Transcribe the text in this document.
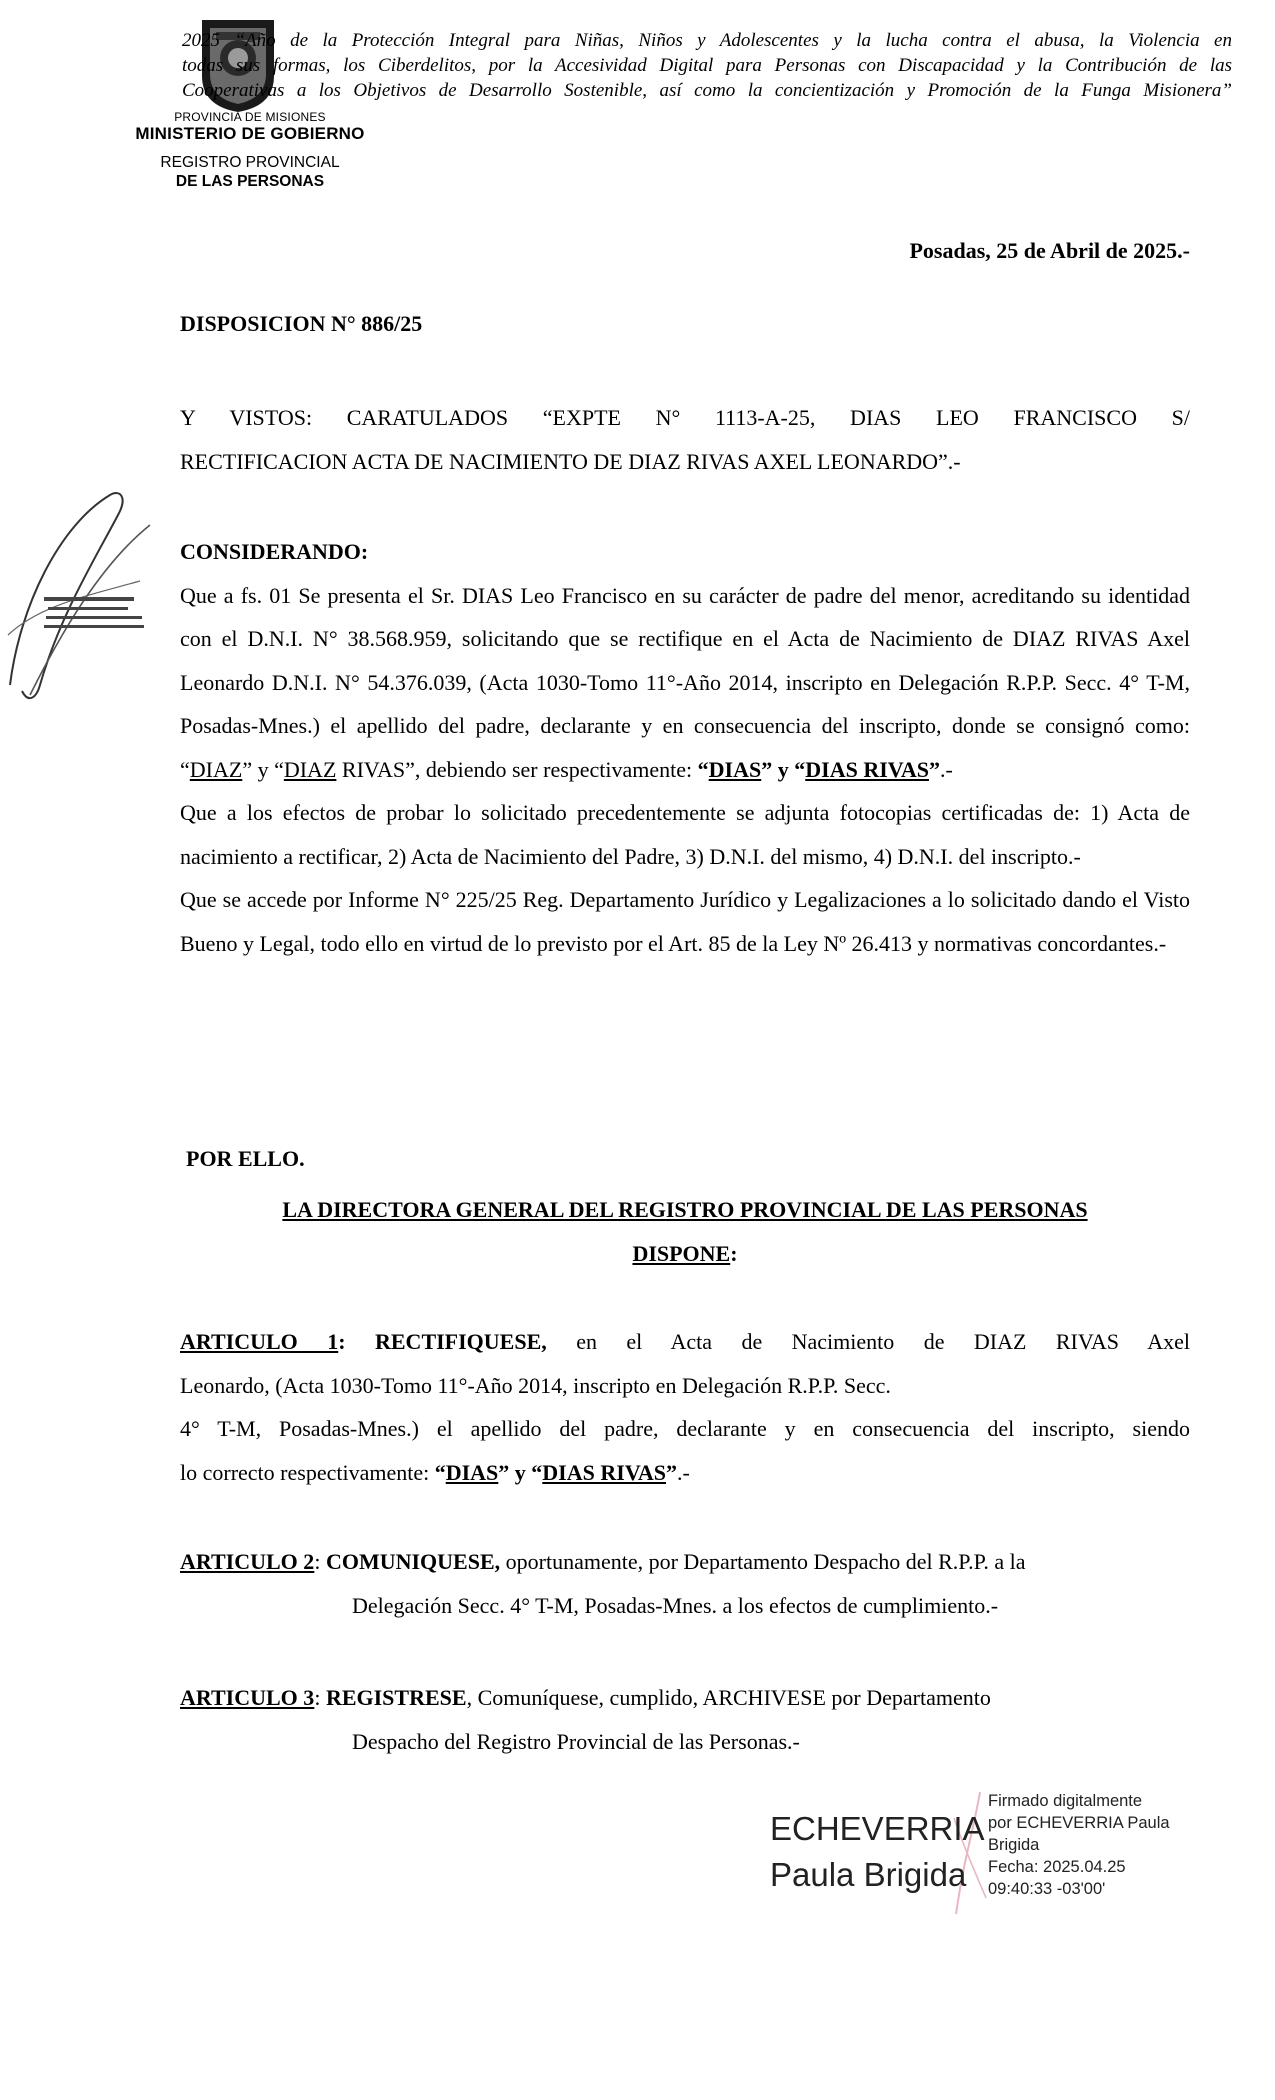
2025 “Año de la Protección Integral para Niñas, Niños y Adolescentes y la lucha contra el abusa, la Violencia en
todas sus formas, los Ciberdelitos, por la Accesividad Digital para Personas con Discapacidad y la Contribución de las
Cooperativas a los Objetivos de Desarrollo Sostenible, así como la concientización y Promoción de la Funga Misionera”
PROVINCIA DE MISIONES
MINISTERIO DE GOBIERNO
REGISTRO PROVINCIAL
DE LAS PERSONAS
Posadas, 25 de Abril de 2025.-
DISPOSICION N° 886/25
Y VISTOS: CARATULADOS “EXPTE N° 1113-A-25, DIAS LEO FRANCISCO S/
RECTIFICACION ACTA DE NACIMIENTO DE DIAZ RIVAS AXEL LEONARDO”.-
CONSIDERANDO:
Que a fs. 01 Se presenta el Sr. DIAS Leo Francisco en su carácter de padre del menor, acreditando su identidad con el D.N.I. N° 38.568.959, solicitando que se rectifique en el Acta de Nacimiento de DIAZ RIVAS Axel Leonardo D.N.I. N° 54.376.039, (Acta 1030-Tomo 11°-Año 2014, inscripto en Delegación R.P.P. Secc. 4° T-M, Posadas-Mnes.) el apellido del padre, declarante y en consecuencia del inscripto, donde se consignó como: “DIAZ” y “DIAZ RIVAS”, debiendo ser respectivamente: “DIAS” y “DIAS RIVAS”.-
Que a los efectos de probar lo solicitado precedentemente se adjunta fotocopias certificadas de: 1) Acta de nacimiento a rectificar, 2) Acta de Nacimiento del Padre, 3) D.N.I. del mismo, 4) D.N.I. del inscripto.-
Que se accede por Informe N° 225/25 Reg. Departamento Jurídico y Legalizaciones a lo solicitado dando el Visto Bueno y Legal, todo ello en virtud de lo previsto por el Art. 85 de la Ley Nº 26.413 y normativas concordantes.-
POR ELLO.
LA DIRECTORA GENERAL DEL REGISTRO PROVINCIAL DE LAS PERSONAS
DISPONE:
ARTICULO 1: RECTIFIQUESE, en el Acta de Nacimiento de DIAZ RIVAS Axel
Leonardo, (Acta 1030-Tomo 11°-Año 2014, inscripto en Delegación R.P.P. Secc.
4° T-M, Posadas-Mnes.) el apellido del padre, declarante y en consecuencia del inscripto, siendo
lo correcto respectivamente: “DIAS” y “DIAS RIVAS”.-
ARTICULO 2: COMUNIQUESE, oportunamente, por Departamento Despacho del R.P.P. a la
Delegación Secc. 4° T-M, Posadas-Mnes. a los efectos de cumplimiento.-
ARTICULO 3: REGISTRESE, Comuníquese, cumplido, ARCHIVESE por Departamento
Despacho del Registro Provincial de las Personas.-
ECHEVERRIA
Paula Brigida
Firmado digitalmente
por ECHEVERRIA Paula
Brigida
Fecha: 2025.04.25
09:40:33 -03'00'
